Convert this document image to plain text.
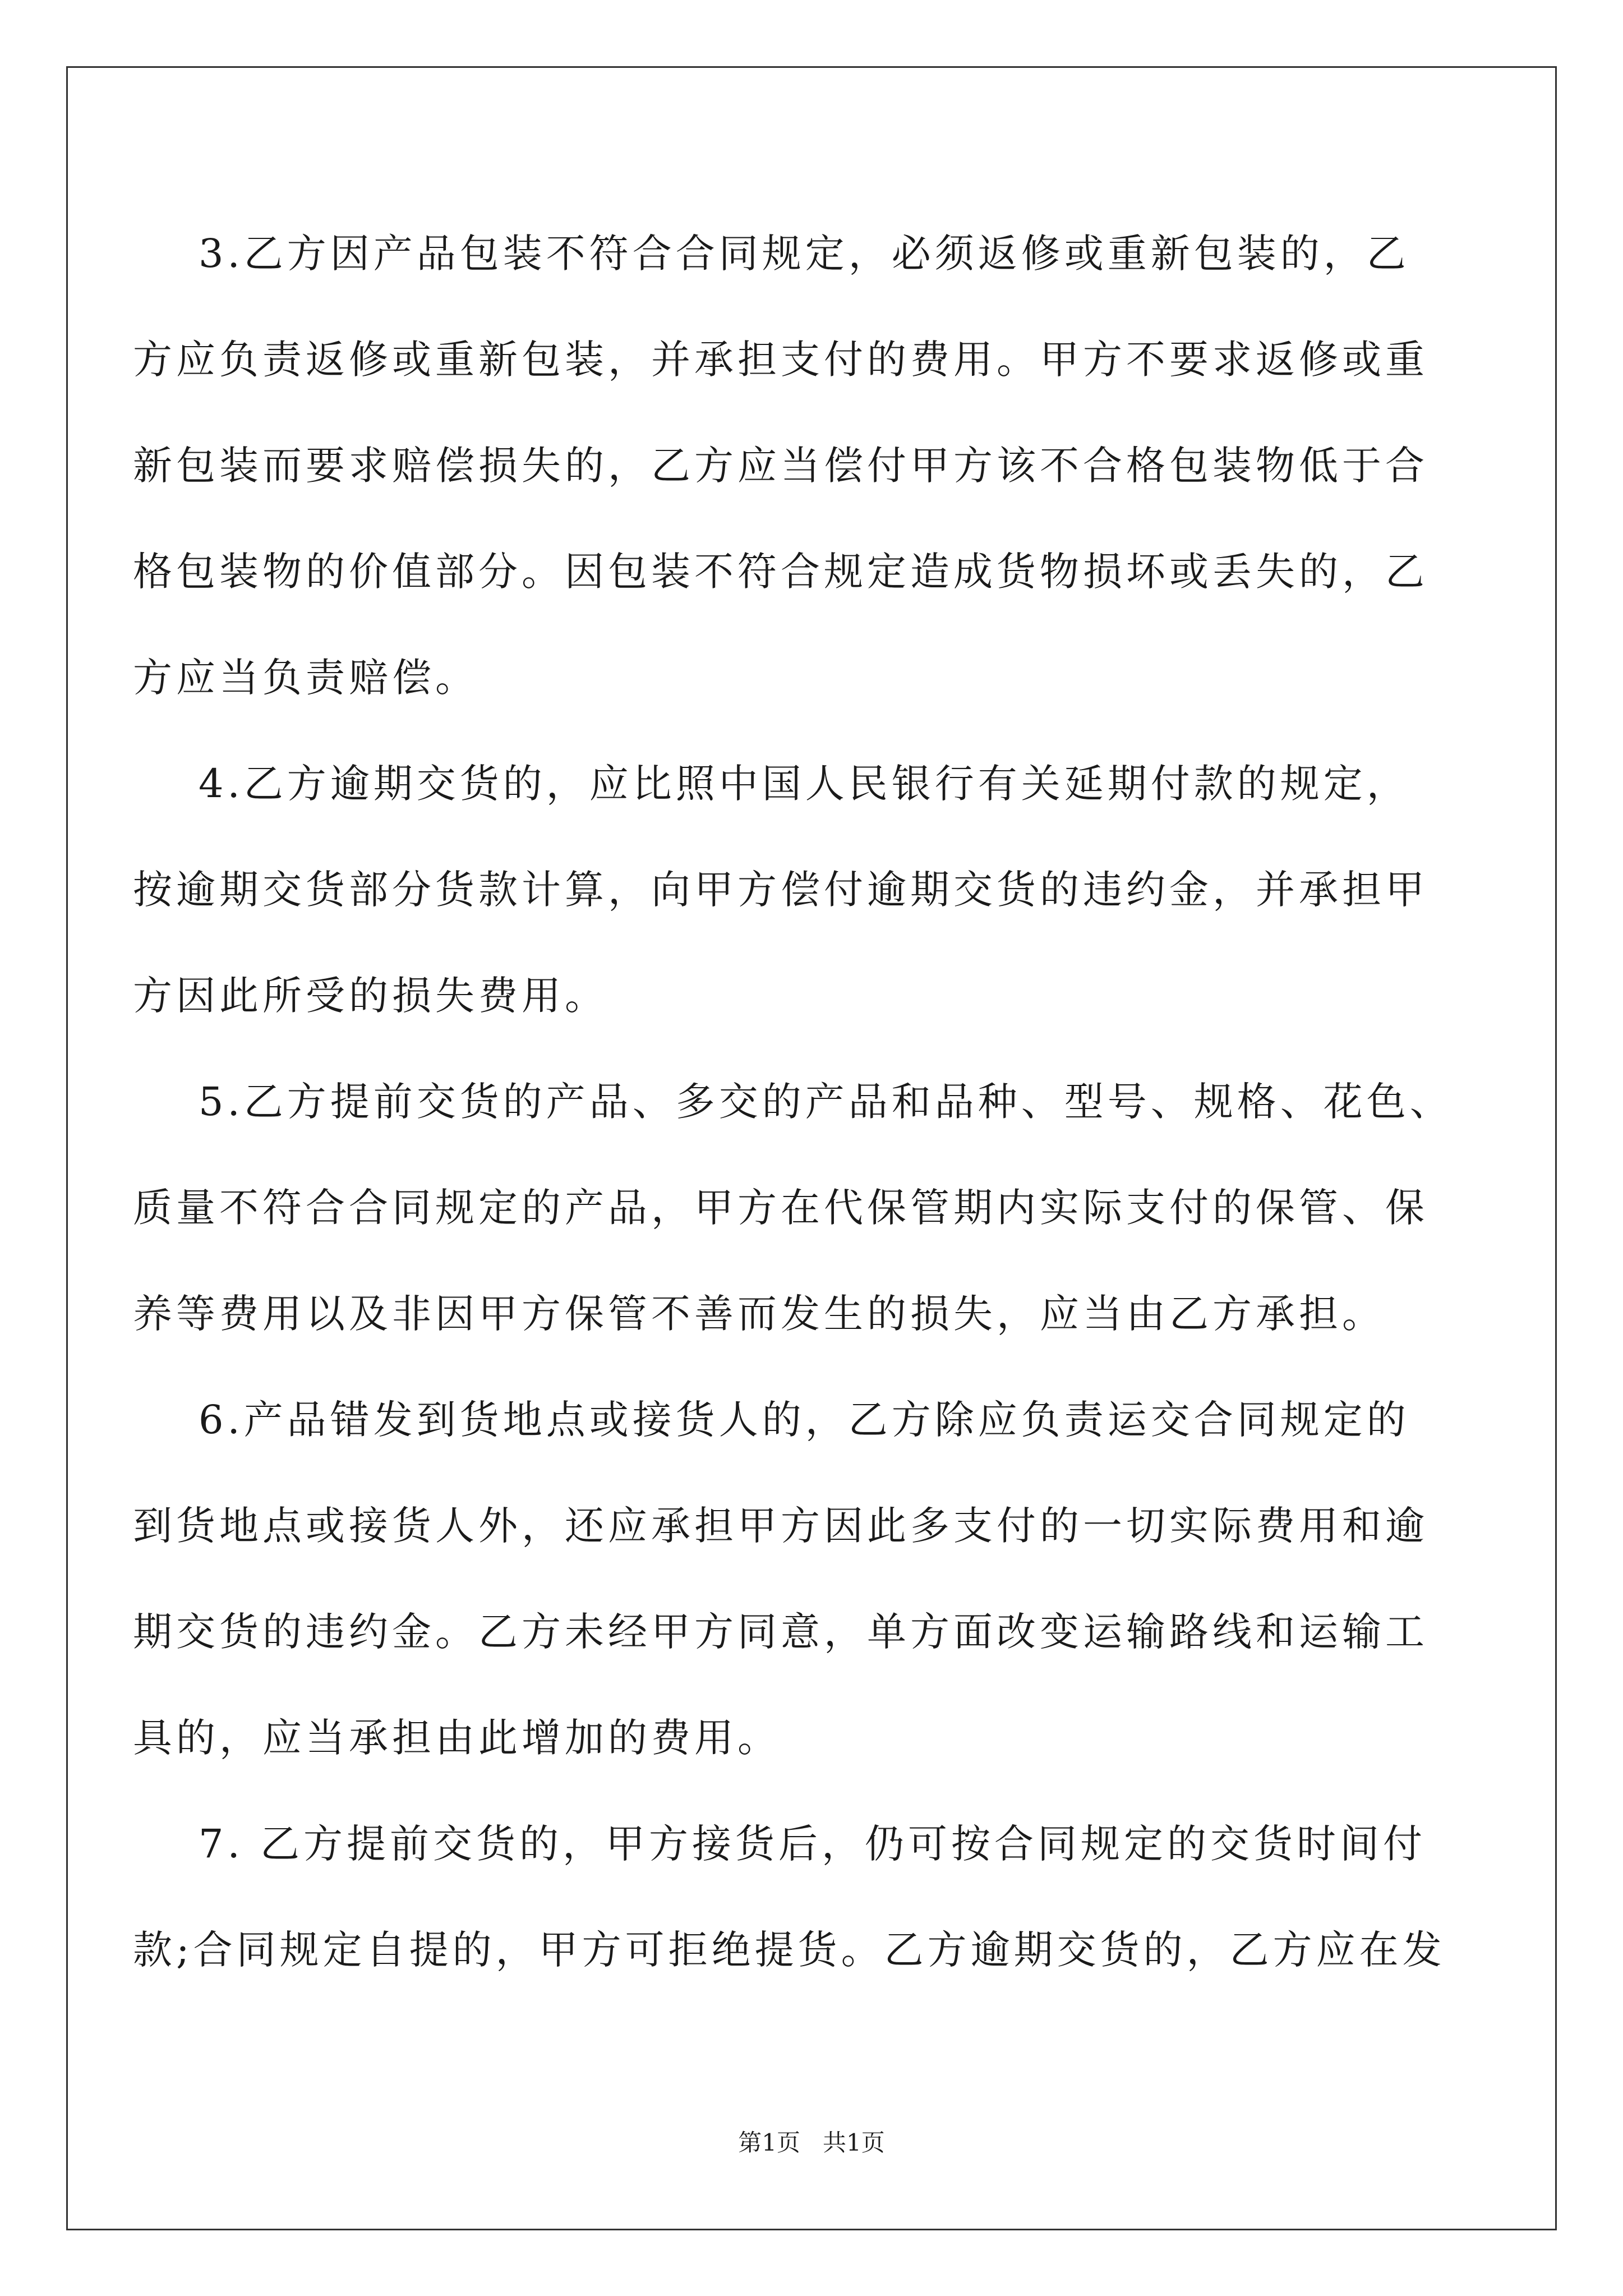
3.乙方因产品包装不符合合同规定，必须返修或重新包装的，乙
方应负责返修或重新包装，并承担支付的费用。甲方不要求返修或重
新包装而要求赔偿损失的，乙方应当偿付甲方该不合格包装物低于合
格包装物的价值部分。因包装不符合规定造成货物损坏或丢失的，乙
方应当负责赔偿。
4.乙方逾期交货的，应比照中国人民银行有关延期付款的规定，
按逾期交货部分货款计算，向甲方偿付逾期交货的违约金，并承担甲
方因此所受的损失费用。
5.乙方提前交货的产品、多交的产品和品种、型号、规格、花色、
质量不符合合同规定的产品，甲方在代保管期内实际支付的保管、保
养等费用以及非因甲方保管不善而发生的损失，应当由乙方承担。
6.产品错发到货地点或接货人的，乙方除应负责运交合同规定的
到货地点或接货人外，还应承担甲方因此多支付的一切实际费用和逾
期交货的违约金。乙方未经甲方同意，单方面改变运输路线和运输工
具的，应当承担由此增加的费用。
7. 乙方提前交货的，甲方接货后，仍可按合同规定的交货时间付
款;合同规定自提的，甲方可拒绝提货。乙方逾期交货的，乙方应在发
第1页   共1页
